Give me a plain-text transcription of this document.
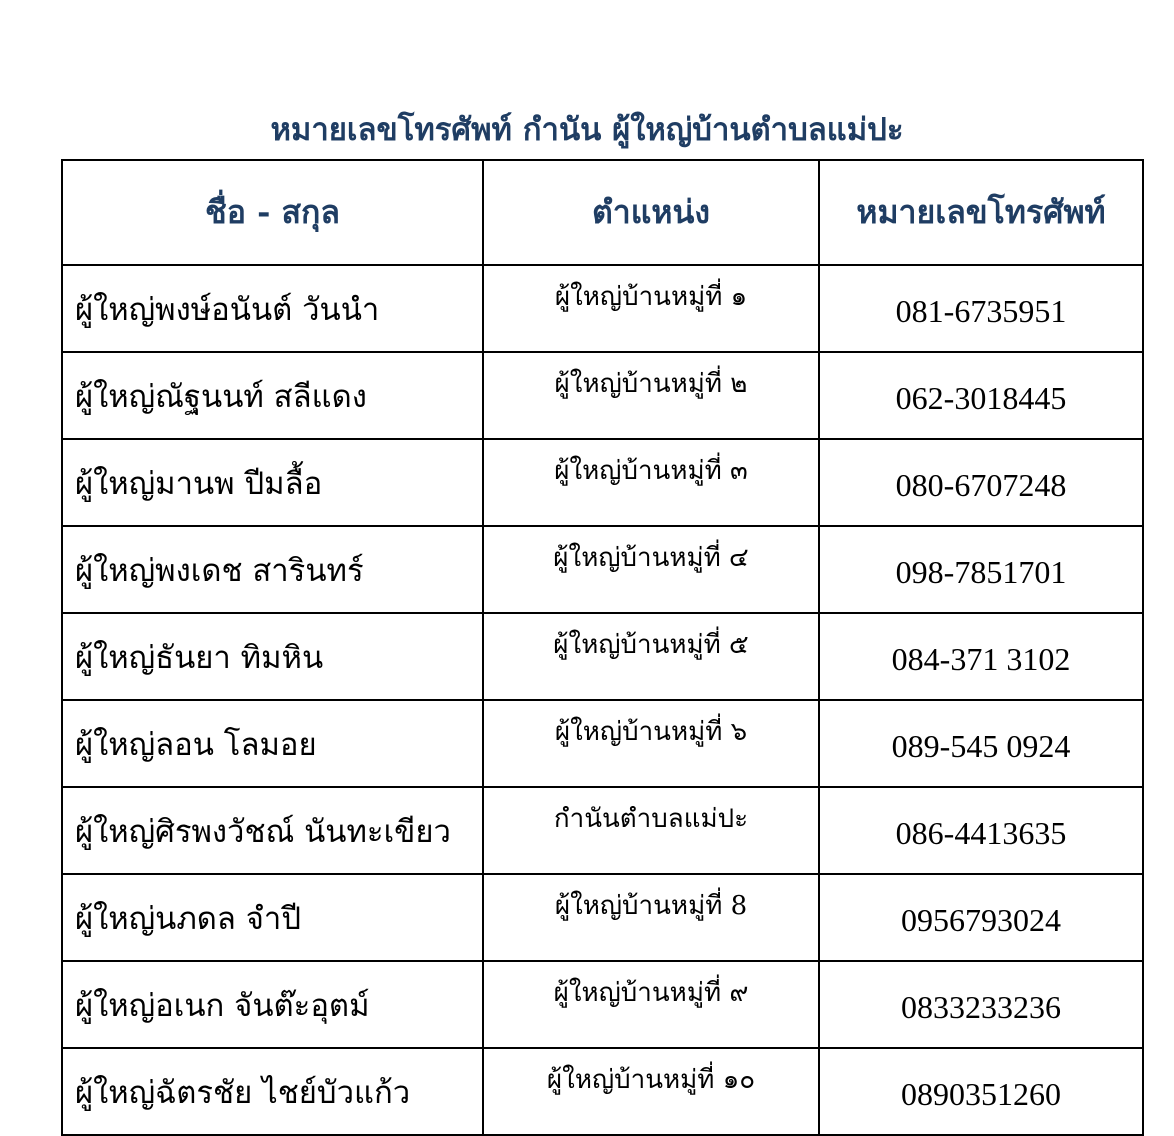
หมายเลขโทรศัพท์ กำนัน ผู้ใหญ่บ้านตำบลแม่ปะ
ชื่อ - สกุล	ตำแหน่ง	หมายเลขโทรศัพท์
ผู้ใหญ่พงษ์อนันต์ วันนำ	ผู้ใหญ่บ้านหมู่ที่ ๑	081-6735951
ผู้ใหญ่ณัฐนนท์ สลีแดง	ผู้ใหญ่บ้านหมู่ที่ ๒	062-3018445
ผู้ใหญ่มานพ ปีมลื้อ	ผู้ใหญ่บ้านหมู่ที่ ๓	080-6707248
ผู้ใหญ่พงเดช สารินทร์	ผู้ใหญ่บ้านหมู่ที่ ๔	098-7851701
ผู้ใหญ่ธันยา ทิมหิน	ผู้ใหญ่บ้านหมู่ที่ ๕	084-371 3102
ผู้ใหญ่ลอน โลมอย	ผู้ใหญ่บ้านหมู่ที่ ๖	089-545 0924
ผู้ใหญ่ศิรพงวัชณ์ นันทะเขียว	กำนันตำบลแม่ปะ	086-4413635
ผู้ใหญ่นภดล จำปี	ผู้ใหญ่บ้านหมู่ที่ 8	0956793024
ผู้ใหญ่อเนก จันต๊ะอุตม์	ผู้ใหญ่บ้านหมู่ที่ ๙	0833233236
ผู้ใหญ่ฉัตรชัย ไชย์บัวแก้ว	ผู้ใหญ่บ้านหมู่ที่ ๑๐	0890351260
